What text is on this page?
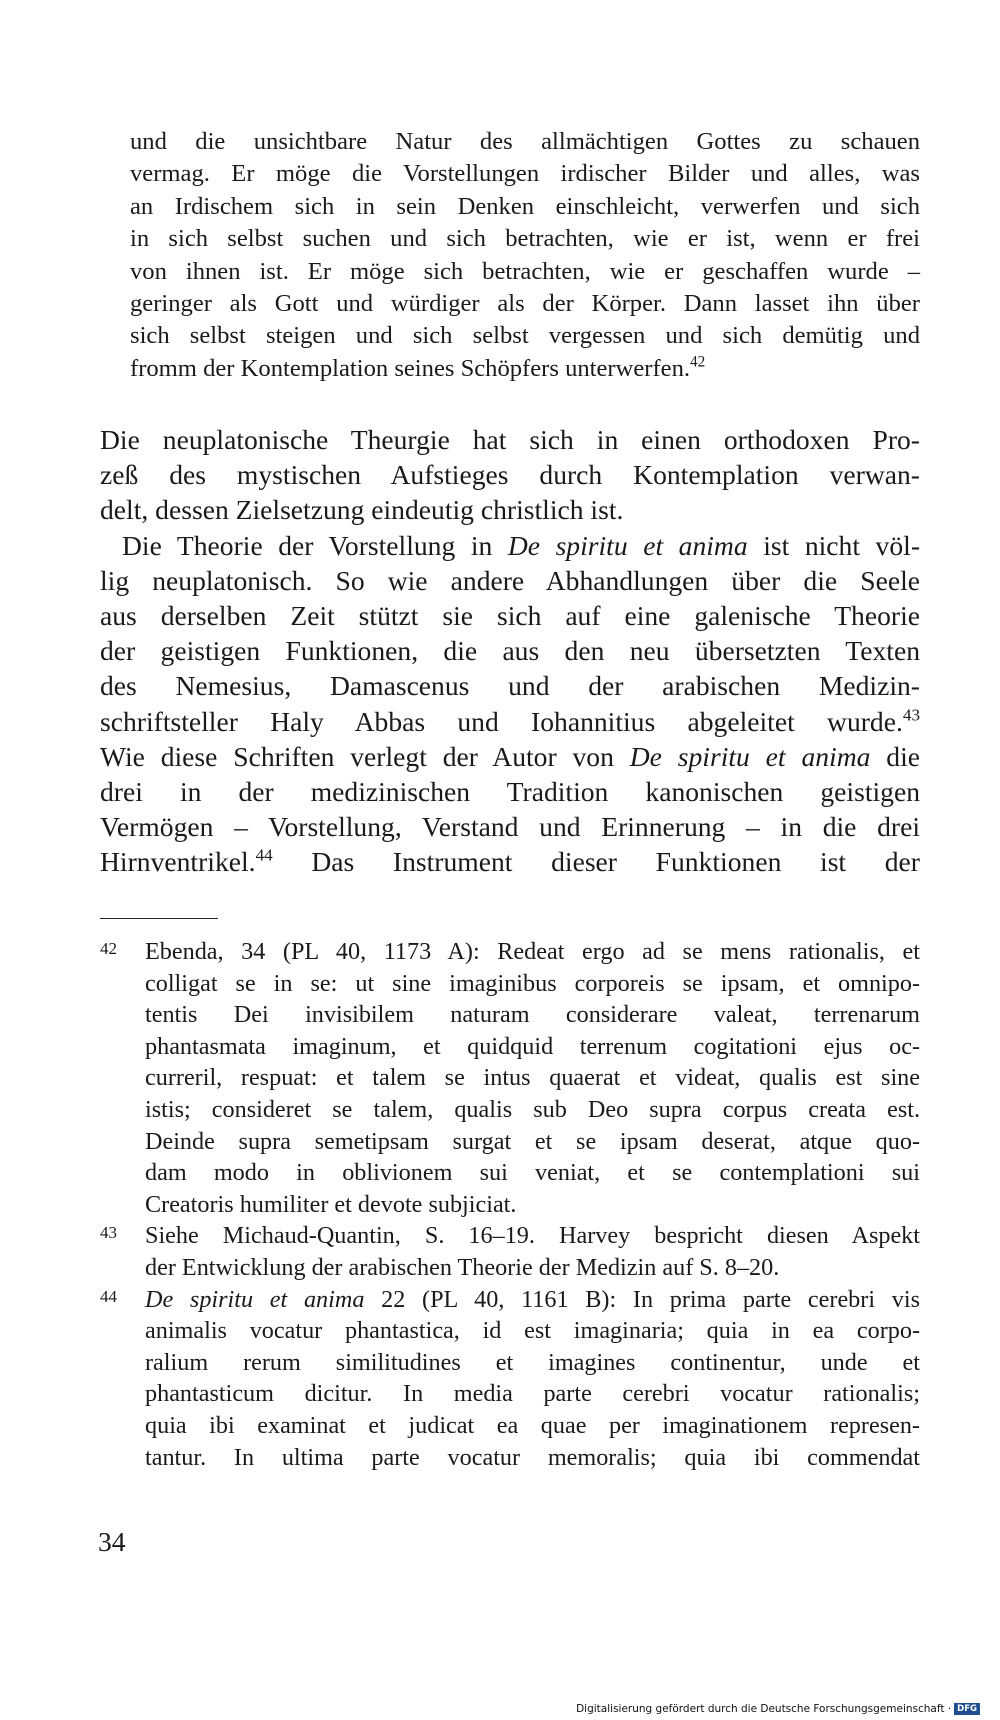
und die unsichtbare Natur des allmächtigen Gottes zu schauen
vermag. Er möge die Vorstellungen irdischer Bilder und alles, was
an Irdischem sich in sein Denken einschleicht, verwerfen und sich
in sich selbst suchen und sich betrachten, wie er ist, wenn er frei
von ihnen ist. Er möge sich betrachten, wie er geschaffen wurde –
geringer als Gott und würdiger als der Körper. Dann lasset ihn über
sich selbst steigen und sich selbst vergessen und sich demütig und
fromm der Kontemplation seines Schöpfers unterwerfen.$^{42}$

Die neuplatonische Theurgie hat sich in einen orthodoxen Pro-
zeß des mystischen Aufstieges durch Kontemplation verwan-
delt, dessen Zielsetzung eindeutig christlich ist.

Die Theorie der Vorstellung in De spiritu et anima ist nicht völ-
lig neuplatonisch. So wie andere Abhandlungen über die Seele
aus derselben Zeit stützt sie sich auf eine galenische Theorie
der geistigen Funktionen, die aus den neu übersetzten Texten
des Nemesius, Damascenus und der arabischen Medizin-
schriftsteller Haly Abbas und Iohannitius abgeleitet wurde.$^{43}$
Wie diese Schriften verlegt der Autor von De spiritu et anima die
drei in der medizinischen Tradition kanonischen geistigen
Vermögen – Vorstellung, Verstand und Erinnerung – in die drei
Hirnventrikel.$^{44}$ Das Instrument dieser Funktionen ist der

42 Ebenda, 34 (PL 40, 1173 A): Redeat ergo ad se mens rationalis, et
colligat se in se: ut sine imaginibus corporeis se ipsam, et omnipo-
tentis Dei invisibilem naturam considerare valeat, terrenarum
phantasmata imaginum, et quidquid terrenum cogitationi ejus oc-
curreril, respuat: et talem se intus quaerat et videat, qualis est sine
istis; consideret se talem, qualis sub Deo supra corpus creata est.
Deinde supra semetipsam surgat et se ipsam deserat, atque quo-
dam modo in oblivionem sui veniat, et se contemplationi sui
Creatoris humiliter et devote subjiciat.
43 Siehe Michaud-Quantin, S. 16–19. Harvey bespricht diesen Aspekt
der Entwicklung der arabischen Theorie der Medizin auf S. 8–20.
44 De spiritu et anima 22 (PL 40, 1161 B): In prima parte cerebri vis
animalis vocatur phantastica, id est imaginaria; quia in ea corpo-
ralium rerum similitudines et imagines continentur, unde et
phantasticum dicitur. In media parte cerebri vocatur rationalis;
quia ibi examinat et judicat ea quae per imaginationem represen-
tantur. In ultima parte vocatur memoralis; quia ibi commendat
34
Digitalisierung gefördert durch die Deutsche Forschungsgemeinschaft · DFG
